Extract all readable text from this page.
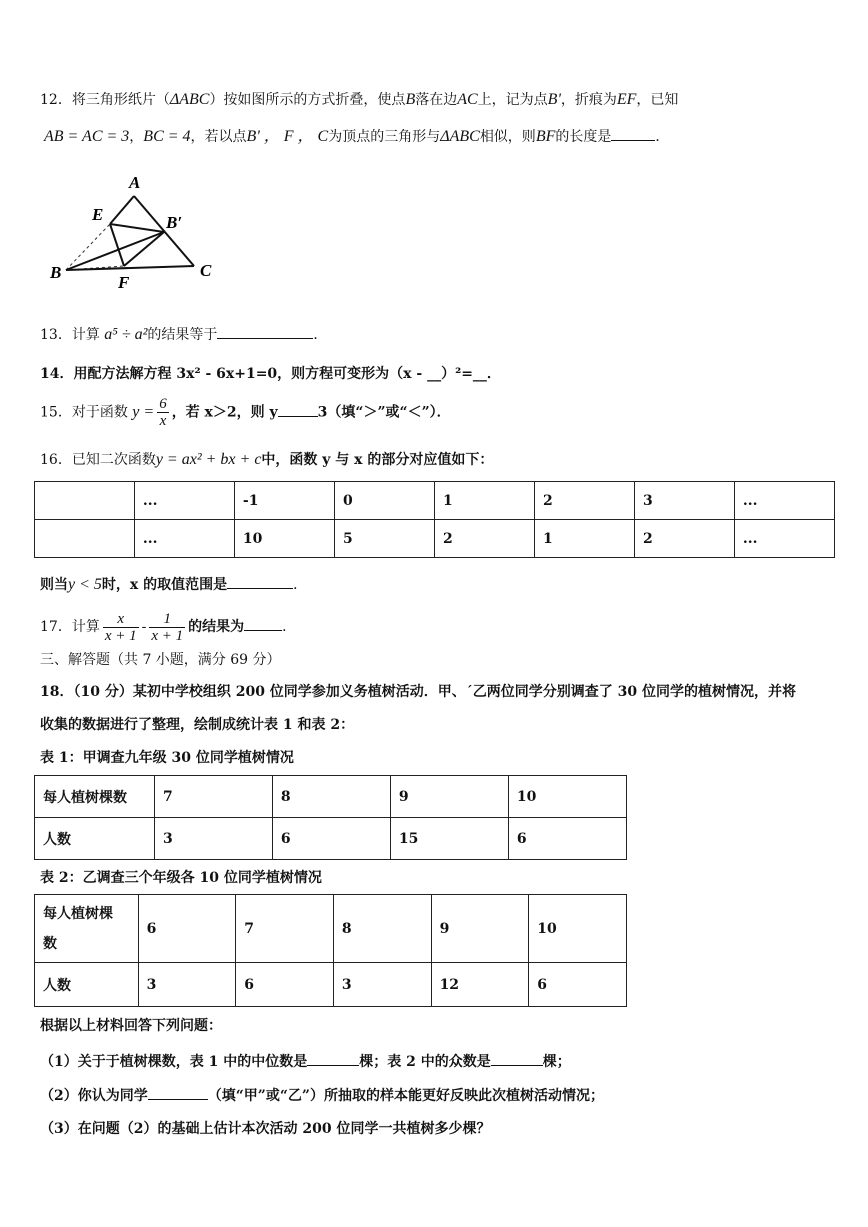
12．将三角形纸片（ΔABC）按如图所示的方式折叠，使点B落在边AC上，记为点B'，折痕为EF，已知
AB = AC = 3，BC = 4，若以点B' ， F ， C为顶点的三角形与ΔABC相似，则BF的长度是	．
A
E	B′
B
F
C
13．计算 a⁵ ÷ a²的结果等于	．
14．用配方法解方程 3x² ‐ 6x+1=0，则方程可变形为（x ‐ __）²=__．
15．对于函数 $y = \frac{6}{x}$ ，若 x＞2，则 y	3（填“＞”或“＜”）．
16．已知二次函数y = ax² + bx + c中，函数 y 与 x 的部分对应值如下：
	...	-1	0	1	2	3	...
	...	10	5	2	1	2	...
则当y < 5时，x 的取值范围是	．
17．计算 $\frac{x}{x + 1}$ ‐ $\frac{1}{x + 1}$ 的结果为	．
三、解答题（共 7 小题，满分 69 分）
18．（10 分）某初中学校组织 200 位同学参加义务植树活动．甲、ˊ乙两位同学分别调查了 30 位同学的植树情况，并将
收集的数据进行了整理，绘制成统计表 1 和表 2：
表 1：甲调查九年级 30 位同学植树情况
每人植树棵数	7	8	9	10
人数	3	6	15	6
表 2：乙调查三个年级各 10 位同学植树情况
每人植树棵
数	6	7	8	9	10
人数	3	6	3	12	6
根据以上材料回答下列问题：
（1）关于于植树棵数，表 1 中的中位数是	棵；表 2 中的众数是	棵；
（2）你认为同学	（填“甲”或“乙”）所抽取的样本能更好反映此次植树活动情况；
（3）在问题（2）的基础上估计本次活动 200 位同学一共植树多少棵？
